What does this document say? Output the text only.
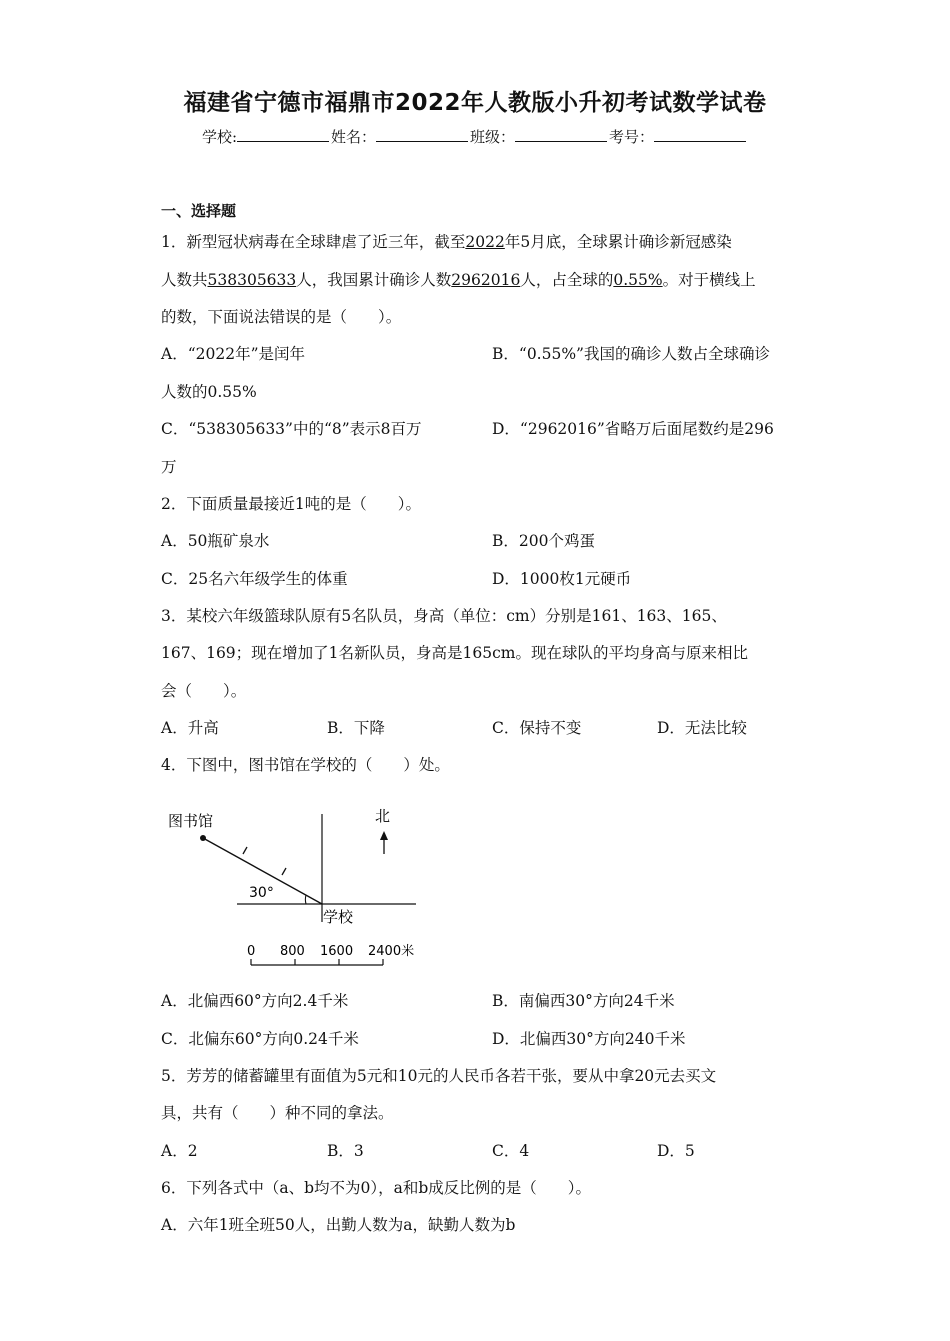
福建省宁德市福鼎市2022年人教版小升初考试数学试卷
学校:	姓名：	班级：	考号：
一、选择题
1．新型冠状病毒在全球肆虐了近三年，截至2022年5月底，全球累计确诊新冠感染
人数共538305633人，我国累计确诊人数2962016人，占全球的0.55%。对于横线上
的数，下面说法错误的是（　　）。
A．“2022年”是闰年	B．“0.55%”我国的确诊人数占全球确诊
人数的0.55%
C．“538305633”中的“8”表示8百万	D．“2962016”省略万后面尾数约是296
万
2．下面质量最接近1吨的是（　　）。
A．50瓶矿泉水	B．200个鸡蛋
C．25名六年级学生的体重	D．1000枚1元硬币
3．某校六年级篮球队原有5名队员，身高（单位：cm）分别是161、163、165、
167、169；现在增加了1名新队员，身高是165cm。现在球队的平均身高与原来相比
会（　　）。
A．升高	B．下降	C．保持不变	D．无法比较
4．下图中，图书馆在学校的（　　）处。
图书馆
30°
学校
北
0 800 1600 2400米
A．北偏西60°方向2.4千米	B．南偏西30°方向24千米
C．北偏东60°方向0.24千米	D．北偏西30°方向240千米
5．芳芳的储蓄罐里有面值为5元和10元的人民币各若干张，要从中拿20元去买文
具，共有（　　）种不同的拿法。
A．2	B．3	C．4	D．5
6．下列各式中（a、b均不为0），a和b成反比例的是（　　）。
A．六年1班全班50人，出勤人数为a，缺勤人数为b
